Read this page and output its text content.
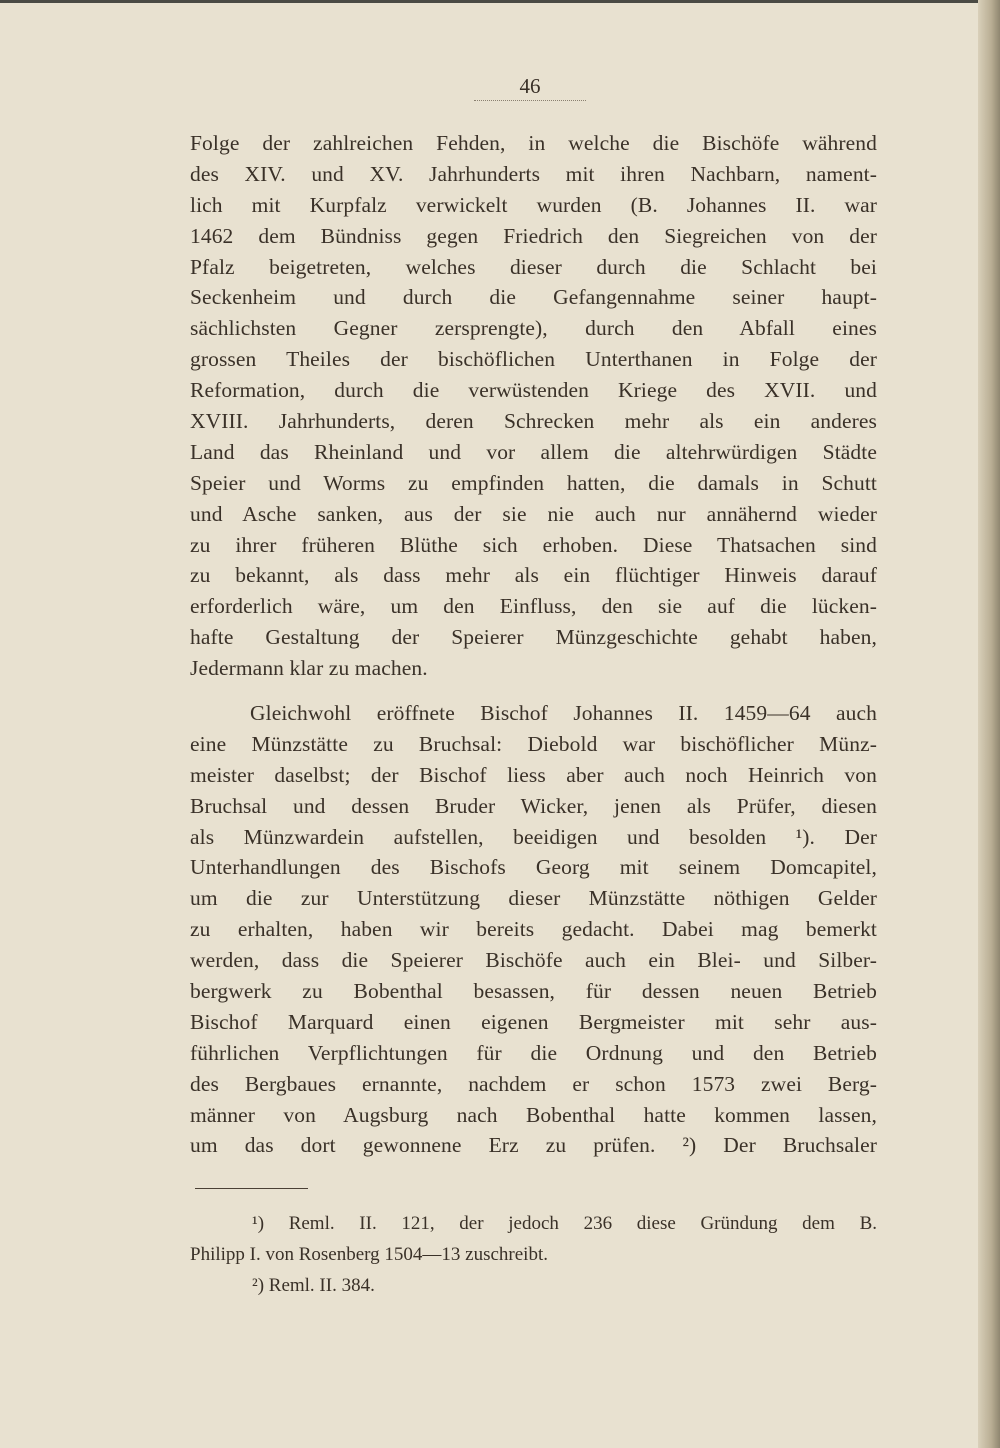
46
Folge der zahlreichen Fehden, in welche die Bischöfe während
des XIV. und XV. Jahrhunderts mit ihren Nachbarn, nament-
lich mit Kurpfalz verwickelt wurden (B. Johannes II. war
1462 dem Bündniss gegen Friedrich den Siegreichen von der
Pfalz beigetreten, welches dieser durch die Schlacht bei
Seckenheim und durch die Gefangennahme seiner haupt-
sächlichsten Gegner zersprengte), durch den Abfall eines
grossen Theiles der bischöflichen Unterthanen in Folge der
Reformation, durch die verwüstenden Kriege des XVII. und
XVIII. Jahrhunderts, deren Schrecken mehr als ein anderes
Land das Rheinland und vor allem die altehrwürdigen Städte
Speier und Worms zu empfinden hatten, die damals in Schutt
und Asche sanken, aus der sie nie auch nur annähernd wieder
zu ihrer früheren Blüthe sich erhoben. Diese Thatsachen sind
zu bekannt, als dass mehr als ein flüchtiger Hinweis darauf
erforderlich wäre, um den Einfluss, den sie auf die lücken-
hafte Gestaltung der Speierer Münzgeschichte gehabt haben,
Jedermann klar zu machen.
Gleichwohl eröffnete Bischof Johannes II. 1459—64 auch
eine Münzstätte zu Bruchsal: Diebold war bischöflicher Münz-
meister daselbst; der Bischof liess aber auch noch Heinrich von
Bruchsal und dessen Bruder Wicker, jenen als Prüfer, diesen
als Münzwardein aufstellen, beeidigen und besolden ¹). Der
Unterhandlungen des Bischofs Georg mit seinem Domcapitel,
um die zur Unterstützung dieser Münzstätte nöthigen Gelder
zu erhalten, haben wir bereits gedacht. Dabei mag bemerkt
werden, dass die Speierer Bischöfe auch ein Blei- und Silber-
bergwerk zu Bobenthal besassen, für dessen neuen Betrieb
Bischof Marquard einen eigenen Bergmeister mit sehr aus-
führlichen Verpflichtungen für die Ordnung und den Betrieb
des Bergbaues ernannte, nachdem er schon 1573 zwei Berg-
männer von Augsburg nach Bobenthal hatte kommen lassen,
um das dort gewonnene Erz zu prüfen. ²) Der Bruchsaler
¹) Reml. II. 121, der jedoch 236 diese Gründung dem B.
Philipp I. von Rosenberg 1504—13 zuschreibt.
²) Reml. II. 384.
